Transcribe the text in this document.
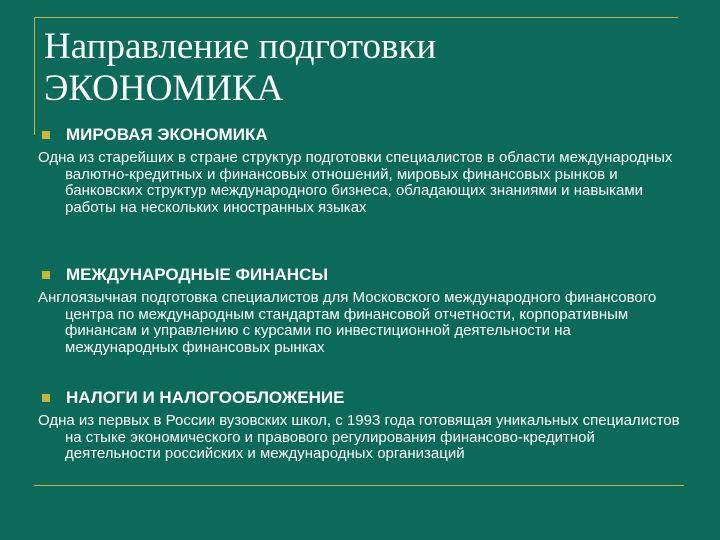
Направление подготовки
ЭКОНОМИКА
МИРОВАЯ ЭКОНОМИКА
Одна из старейших в стране структур подготовки специалистов в области международных валютно-кредитных и финансовых отношений, мировых финансовых рынков и банковских структур международного бизнеса, обладающих знаниями и навыками работы на нескольких иностранных языках
МЕЖДУНАРОДНЫЕ ФИНАНСЫ
Англоязычная подготовка специалистов для Московского международного финансового центра по международным стандартам финансовой отчетности, корпоративным финансам и управлению с курсами по инвестиционной деятельности на международных финансовых рынках
НАЛОГИ И НАЛОГООБЛОЖЕНИЕ
Одна из первых в России вузовских школ, с 1993 года готовящая уникальных специалистов на стыке экономического и правового регулирования финансово-кредитной деятельности российских и международных организаций
